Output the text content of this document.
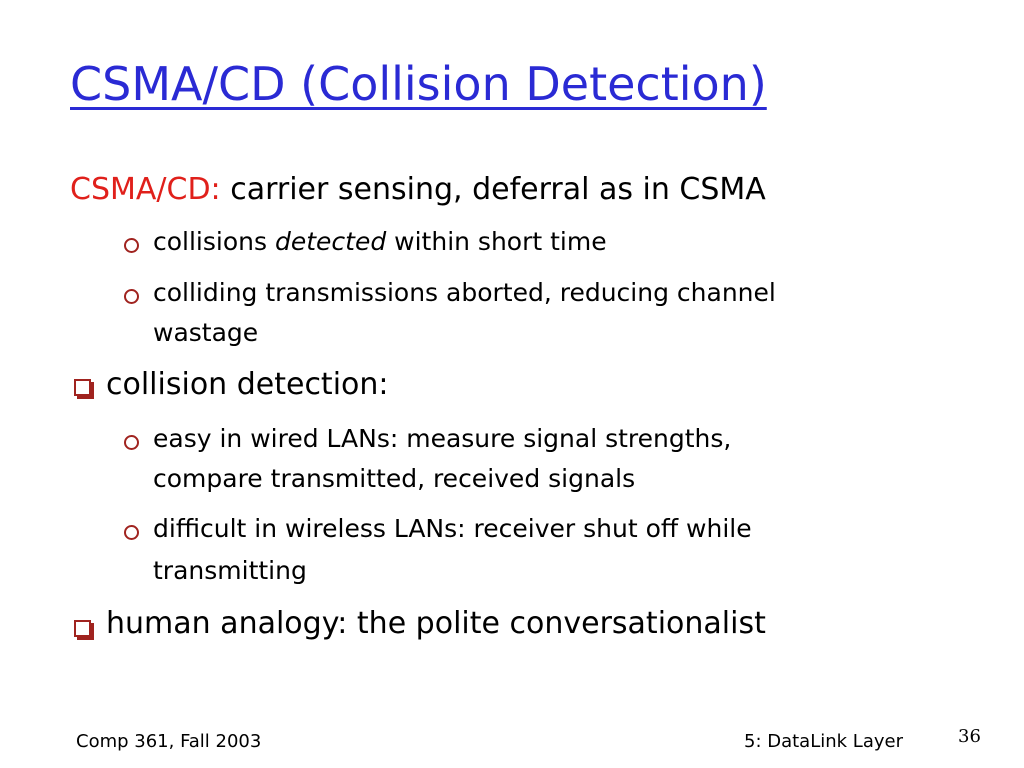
CSMA/CD (Collision Detection)
CSMA/CD: carrier sensing, deferral as in CSMA
collisions detected within short time
colliding transmissions aborted, reducing channel
wastage
collision detection:
easy in wired LANs: measure signal strengths,
compare transmitted, received signals
difficult in wireless LANs: receiver shut off while
transmitting
human analogy: the polite conversationalist
Comp 361, Fall 2003	5: DataLink Layer	36
